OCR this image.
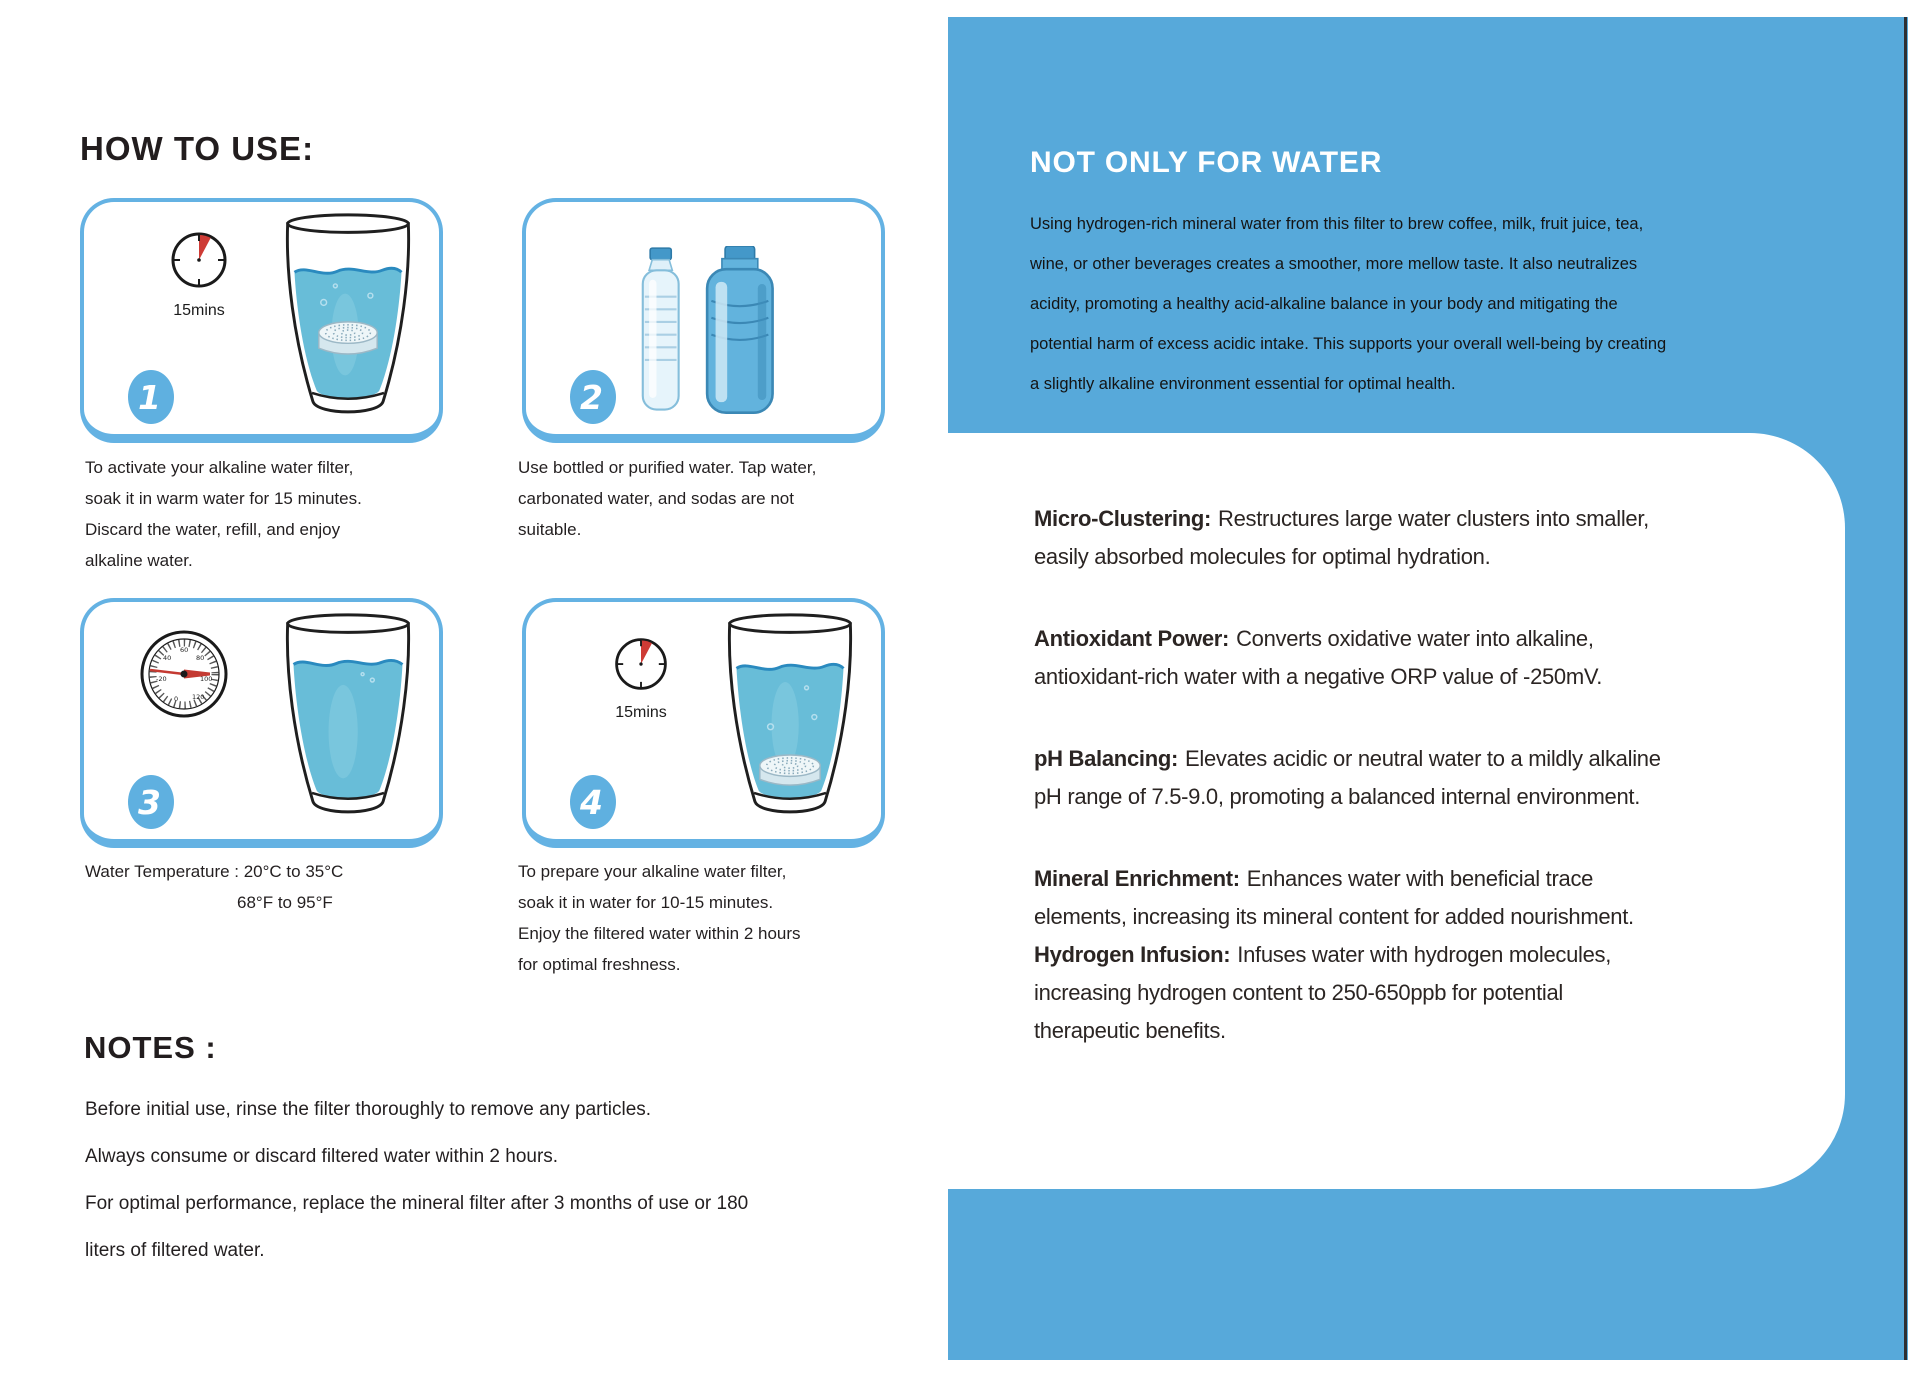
HOW TO USE:
15mins
1	2
60
40	80
-20	100
0 120
3
15mins
4
To activate your alkaline water filter,
soak it in warm water for 15 minutes.
Discard the water, refill, and enjoy
alkaline water.
Use bottled or purified water. Tap water,
carbonated water, and sodas are not
suitable.
Water Temperature : 20°C to 35°C
68°F to 95°F
To prepare your alkaline water filter,
soak it in water for 10-15 minutes.
Enjoy the filtered water within 2 hours
for optimal freshness.
NOTES :
Before initial use, rinse the filter thoroughly to remove any particles.
Always consume or discard filtered water within 2 hours.
For optimal performance, replace the mineral filter after 3 months of use or 180
liters of filtered water.
NOT ONLY FOR WATER
Using hydrogen-rich mineral water from this filter to brew coffee, milk, fruit juice, tea,
wine, or other beverages creates a smoother, more mellow taste. It also neutralizes
acidity, promoting a healthy acid-alkaline balance in your body and mitigating the
potential harm of excess acidic intake. This supports your overall well-being by creating
a slightly alkaline environment essential for optimal health.
Micro-Clustering: Restructures large water clusters into smaller,
easily absorbed molecules for optimal hydration.
Antioxidant Power: Converts oxidative water into alkaline,
antioxidant-rich water with a negative ORP value of -250mV.
pH Balancing: Elevates acidic or neutral water to a mildly alkaline
pH range of 7.5-9.0, promoting a balanced internal environment.
Mineral Enrichment: Enhances water with beneficial trace
elements, increasing its mineral content for added nourishment.
Hydrogen Infusion: Infuses water with hydrogen molecules,
increasing hydrogen content to 250-650ppb for potential
therapeutic benefits.
